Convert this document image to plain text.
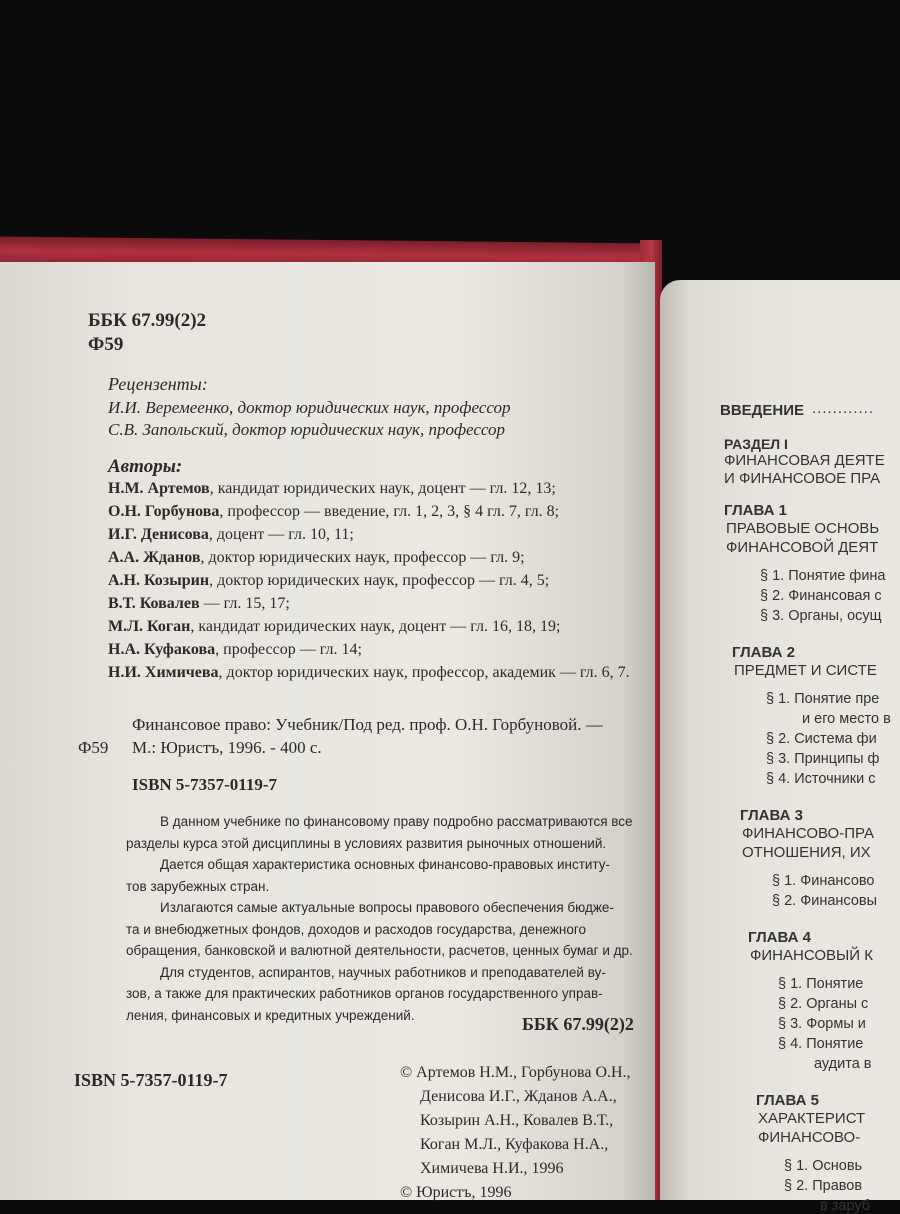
ББК 67.99(2)2
Ф59
Рецензенты:
И.И. Веремеенко, доктор юридических наук, профессор
С.В. Запольский, доктор юридических наук, профессор
Авторы:
Финансовое право: Учебник/Под ред. проф. О.Н. Горбуновой. —
Ф59 М.: Юристъ, 1996. - 400 с.
ISBN 5-7357-0119-7
ББК 67.99(2)2
ISBN 5-7357-0119-7
Н.М. Артемов, кандидат юридических наук, доцент — гл. 12, 13;
О.Н. Горбунова, профессор — введение, гл. 1, 2, 3, § 4 гл. 7, гл. 8;
И.Г. Денисова, доцент — гл. 10, 11;
А.А. Жданов, доктор юридических наук, профессор — гл. 9;
А.Н. Козырин, доктор юридических наук, профессор — гл. 4, 5;
В.Т. Ковалев — гл. 15, 17;
М.Л. Коган, кандидат юридических наук, доцент — гл. 16, 18, 19;
Н.А. Куфакова, профессор — гл. 14;
Н.И. Химичева, доктор юридических наук, профессор, академик — гл. 6, 7.
В данном учебнике по финансовому праву подробно рассматриваются все
разделы курса этой дисциплины в условиях развития рыночных отношений.
Дается общая характеристика основных финансово-правовых институ-
тов зарубежных стран.
Излагаются самые актуальные вопросы правового обеспечения бюдже-
та и внебюджетных фондов, доходов и расходов государства, денежного
обращения, банковской и валютной деятельности, расчетов, ценных бумаг и др.
Для студентов, аспирантов, научных работников и преподавателей ву-
зов, а также для практических работников органов государственного управ-
ления, финансовых и кредитных учреждений.
© Артемов Н.М., Горбунова О.Н.,
Денисова И.Г., Жданов А.А.,
Козырин А.Н., Ковалев В.Т.,
Коган М.Л., Куфакова Н.А.,
Химичева Н.И., 1996
© Юристъ, 1996
ВВЕДЕНИЕ ............
РАЗДЕЛ I
ФИНАНСОВАЯ ДЕЯТЕ
И ФИНАНСОВОЕ ПРА
ГЛАВА 1
ПРАВОВЫЕ ОСНОВЬ
ФИНАНСОВОЙ ДЕЯТ
§ 1. Понятие фина
§ 2. Финансовая с
§ 3. Органы, осущ
ГЛАВА 2
ПРЕДМЕТ И СИСТЕ
§ 1. Понятие пре
и его место в
§ 2. Система фи
§ 3. Принципы ф
§ 4. Источники с
ГЛАВА 3
ФИНАНСОВО-ПРА
ОТНОШЕНИЯ, ИХ
§ 1. Финансово
§ 2. Финансовы
ГЛАВА 4
ФИНАНСОВЫЙ К
§ 1. Понятие
§ 2. Органы с
§ 3. Формы и
§ 4. Понятие
аудита в
ГЛАВА 5
ХАРАКТЕРИСТ
ФИНАНСОВО-
§ 1. Основь
§ 2. Правов
в заруб
